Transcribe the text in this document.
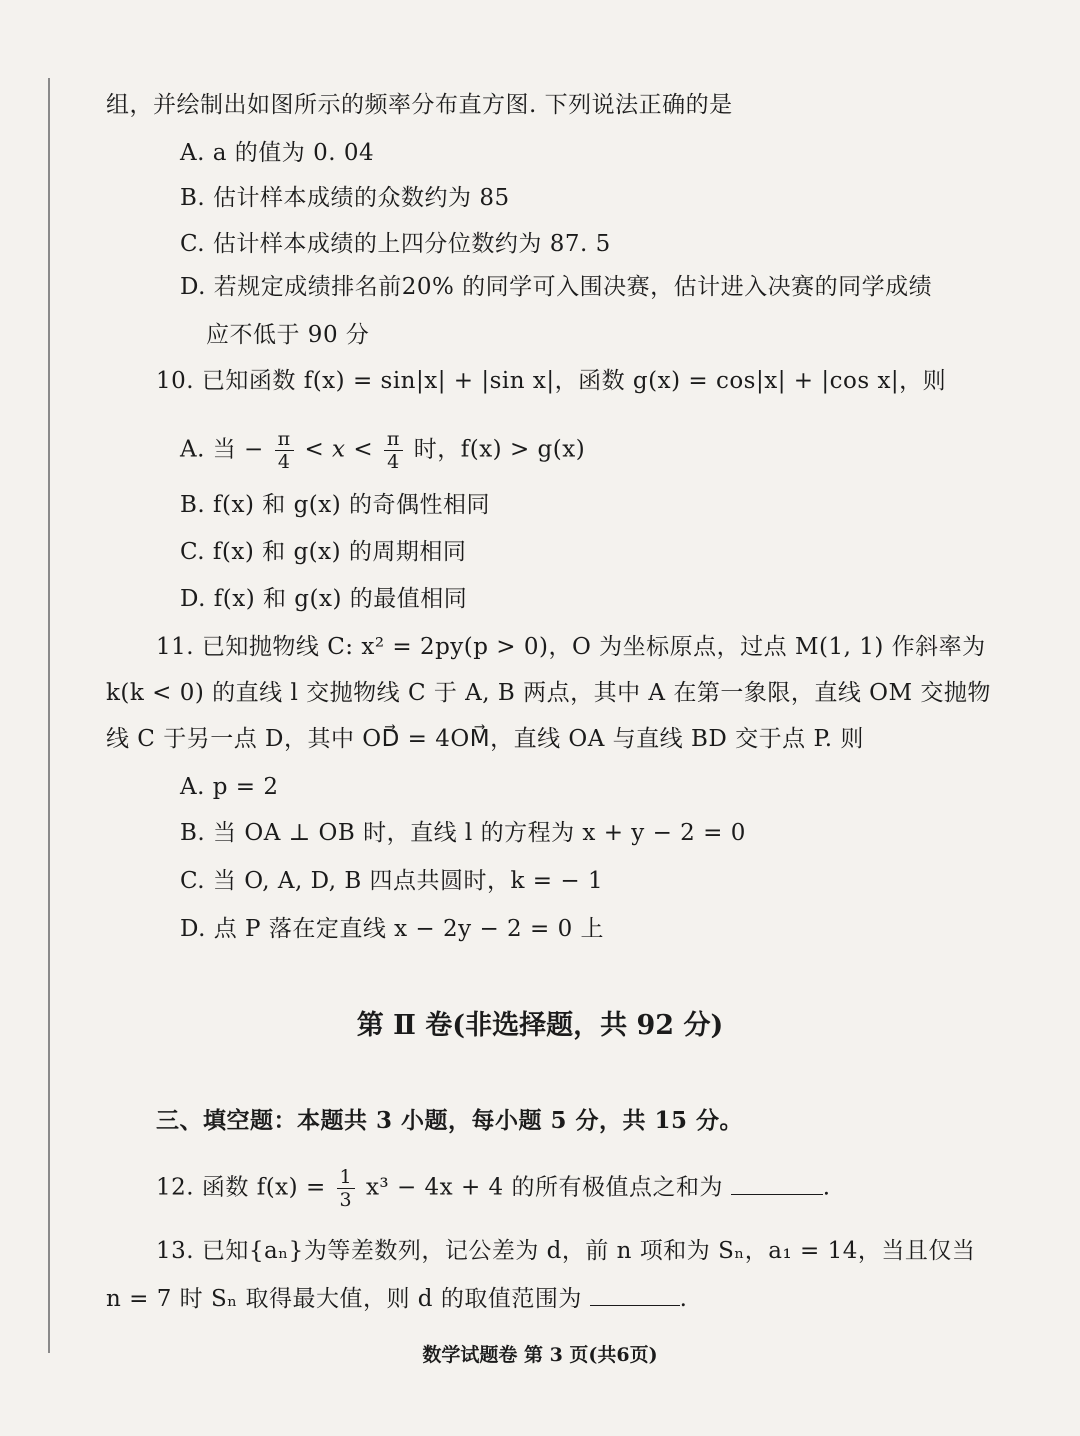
组，并绘制出如图所示的频率分布直方图. 下列说法正确的是
A. a 的值为 0. 04
B. 估计样本成绩的众数约为 85
C. 估计样本成绩的上四分位数约为 87. 5
D. 若规定成绩排名前20% 的同学可入围决赛，估计进入决赛的同学成绩
应不低于 90 分
10. 已知函数 f(x) = sin|x| + |sin x|，函数 g(x) = cos|x| + |cos x|，则
A. 当 − $\frac{\pi}{4} < x < \frac{\pi}{4}$ 时，f(x) > g(x)
B. f(x) 和 g(x) 的奇偶性相同
C. f(x) 和 g(x) 的周期相同
D. f(x) 和 g(x) 的最值相同
11. 已知抛物线 C: x² = 2py(p > 0)，O 为坐标原点，过点 M(1, 1) 作斜率为
k(k < 0) 的直线 l 交抛物线 C 于 A, B 两点，其中 A 在第一象限，直线 OM 交抛物
线 C 于另一点 D，其中 OD⃗ = 4OM⃗，直线 OA 与直线 BD 交于点 P. 则
A. p = 2
B. 当 OA ⊥ OB 时，直线 l 的方程为 x + y − 2 = 0
C. 当 O, A, D, B 四点共圆时，k = − 1
D. 点 P 落在定直线 x − 2y − 2 = 0 上
第 Ⅱ 卷(非选择题，共 92 分)
三、填空题：本题共 3 小题，每小题 5 分，共 15 分。
12. 函数 $f(x) = \frac{1}{3} x^3 - 4x + 4$ 的所有极值点之和为	.
13. 已知{aₙ}为等差数列，记公差为 d，前 n 项和为 Sₙ，a₁ = 14，当且仅当
n = 7 时 Sₙ 取得最大值，则 d 的取值范围为	.
数学试题卷 第 3 页(共6页)
